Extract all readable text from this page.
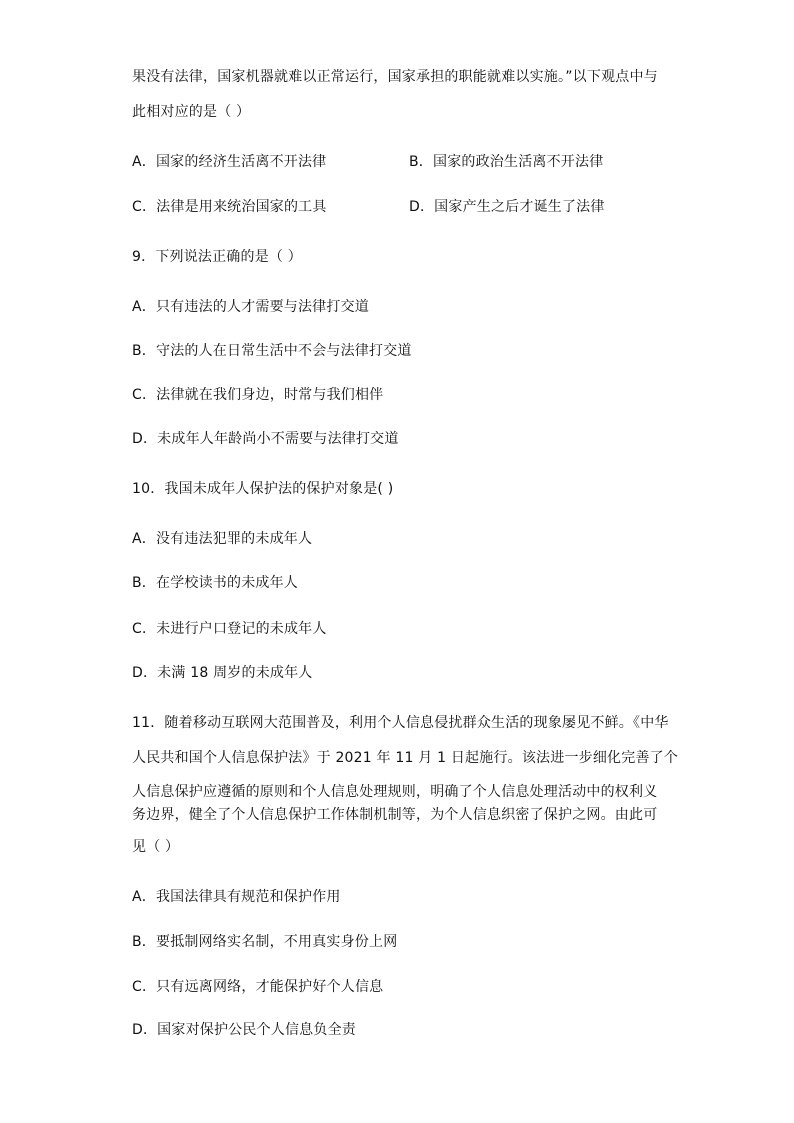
果没有法律，国家机器就难以正常运行，国家承担的职能就难以实施。”以下观点中与
此相对应的是（ ）
A．国家的经济生活离不开法律	B．国家的政治生活离不开法律
C．法律是用来统治国家的工具	D．国家产生之后才诞生了法律
9．下列说法正确的是（ ）
A．只有违法的人才需要与法律打交道
B．守法的人在日常生活中不会与法律打交道
C．法律就在我们身边，时常与我们相伴
D．未成年人年龄尚小不需要与法律打交道
10．我国未成年人保护法的保护对象是( )
A．没有违法犯罪的未成年人
B．在学校读书的未成年人
C．未进行户口登记的未成年人
D．未满 18 周岁的未成年人
11．随着移动互联网大范围普及，利用个人信息侵扰群众生活的现象屡见不鲜。《中华
人民共和国个人信息保护法》于 2021 年 11 月 1 日起施行。该法进一步细化完善了个
人信息保护应遵循的原则和个人信息处理规则，明确了个人信息处理活动中的权利义
务边界，健全了个人信息保护工作体制机制等，为个人信息织密了保护之网。由此可
见（ ）
A．我国法律具有规范和保护作用
B．要抵制网络实名制，不用真实身份上网
C．只有远离网络，才能保护好个人信息
D．国家对保护公民个人信息负全责
